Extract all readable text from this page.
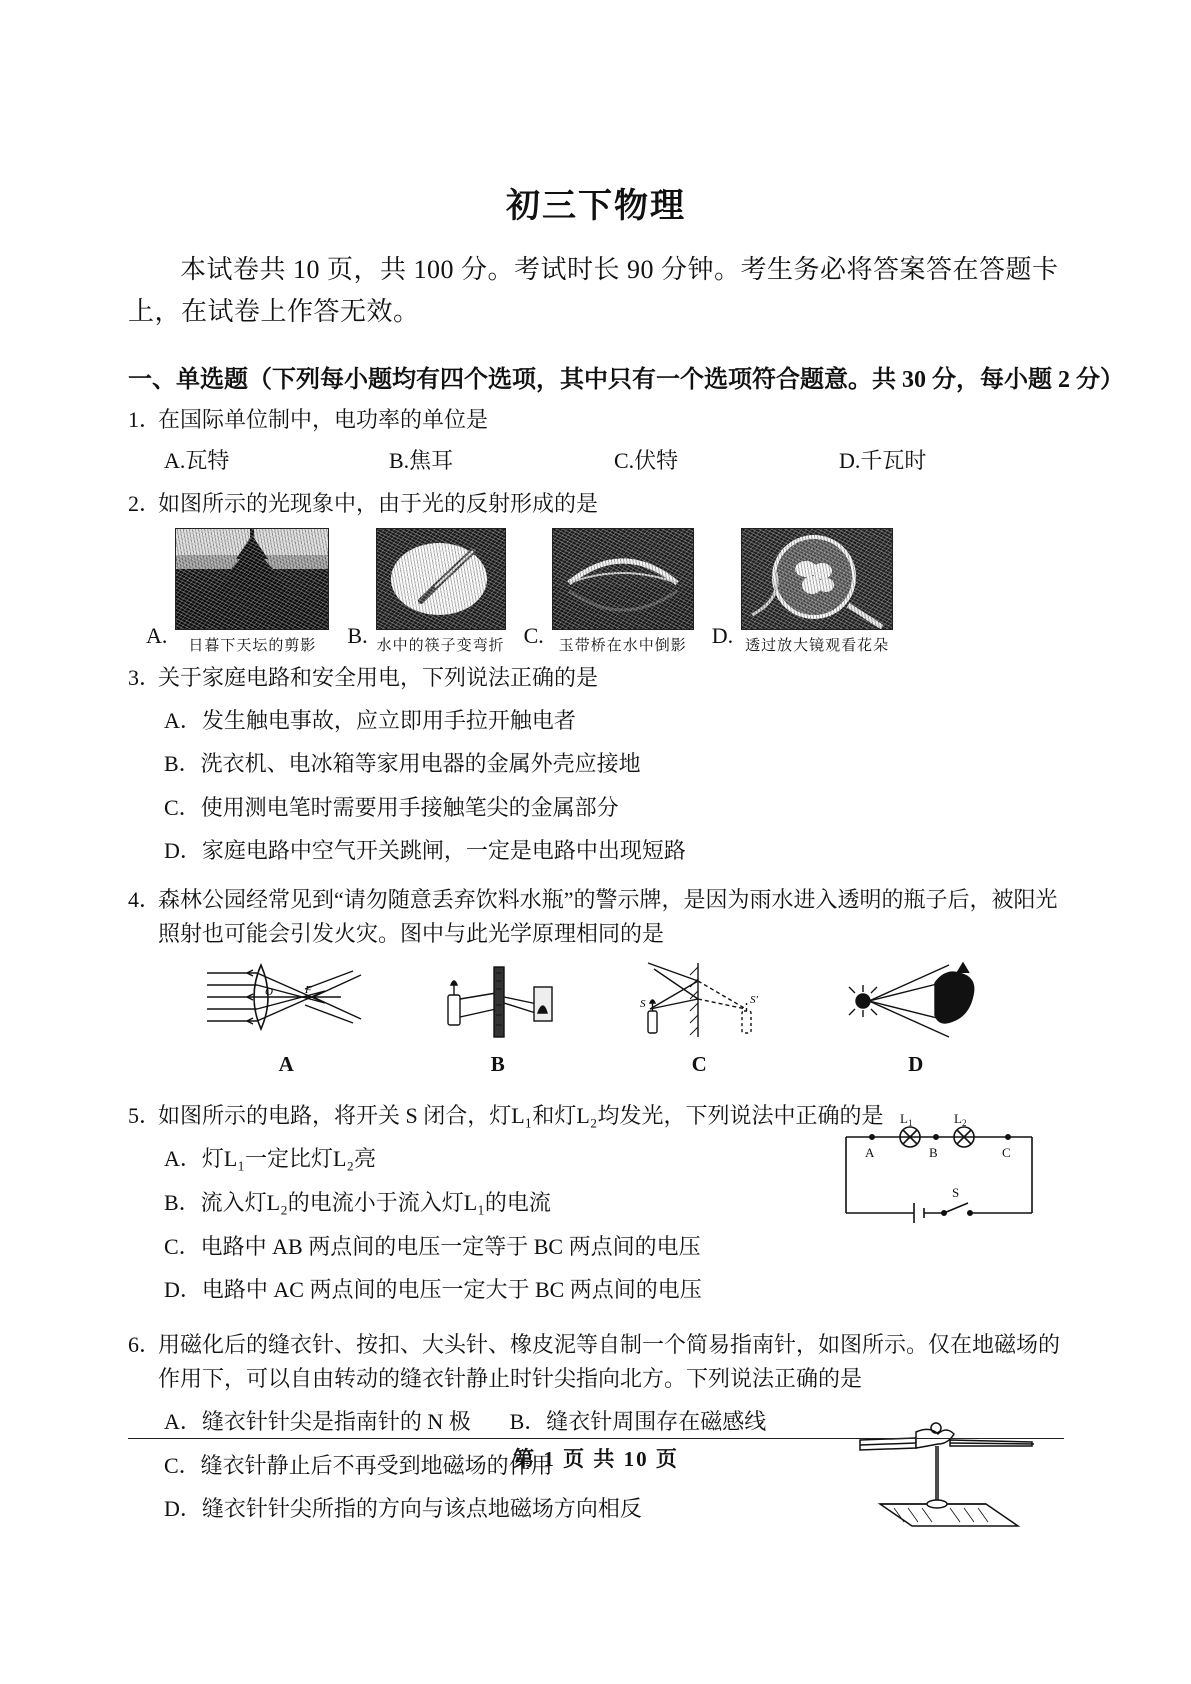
初三下物理

本试卷共 10 页，共 100 分。考试时长 90 分钟。考生务必将答案答在答题卡上，在试卷上作答无效。

一、单选题（下列每小题均有四个选项，其中只有一个选项符合题意。共 30 分，每小题 2 分）
1．
在国际单位制中，电功率的单位是
A.瓦特	B.焦耳	C.伏特	D.千瓦时
2．
如图所示的光现象中，由于光的反射形成的是
A.	日暮下天坛的剪影	B. 水中的筷子变弯折 C. 玉带桥在水中倒影	D. 透过放大镜观看花朵
3．
关于家庭电路和安全用电，下列说法正确的是
A．发生触电事故，应立即用手拉开触电者
B．洗衣机、电冰箱等家用电器的金属外壳应接地
C．使用测电笔时需要用手接触笔尖的金属部分
D．家庭电路中空气开关跳闸，一定是电路中出现短路
4．
森林公园经常见到“请勿随意丢弃饮料水瓶”的警示牌，是因为雨水进入透明的瓶子后，被阳光照射也可能会引发火灾。图中与此光学原理相同的是
O	F
A	B
S	S′
C	D
5．
如图所示的电路，将开关 S 闭合，灯L₁和灯L₂均发光，下列说法中正确的是	L 1	L 2
A	B	C
S
A．灯L₁一定比灯L₂亮
B．流入灯L₂的电流小于流入灯L₁的电流
C．电路中 AB 两点间的电压一定等于 BC 两点间的电压
D．电路中 AC 两点间的电压一定大于 BC 两点间的电压
6．
用磁化后的缝衣针、按扣、大头针、橡皮泥等自制一个简易指南针，如图所示。仅在地磁场的作用下，可以自由转动的缝衣针静止时针尖指向北方。下列说法正确的是
A．缝衣针针尖是指南针的 N 极	B．缝衣针周围存在磁感线
C．缝衣针静止后不再受到地磁场的作用
D．缝衣针针尖所指的方向与该点地磁场方向相反
第 1 页 共 10 页
